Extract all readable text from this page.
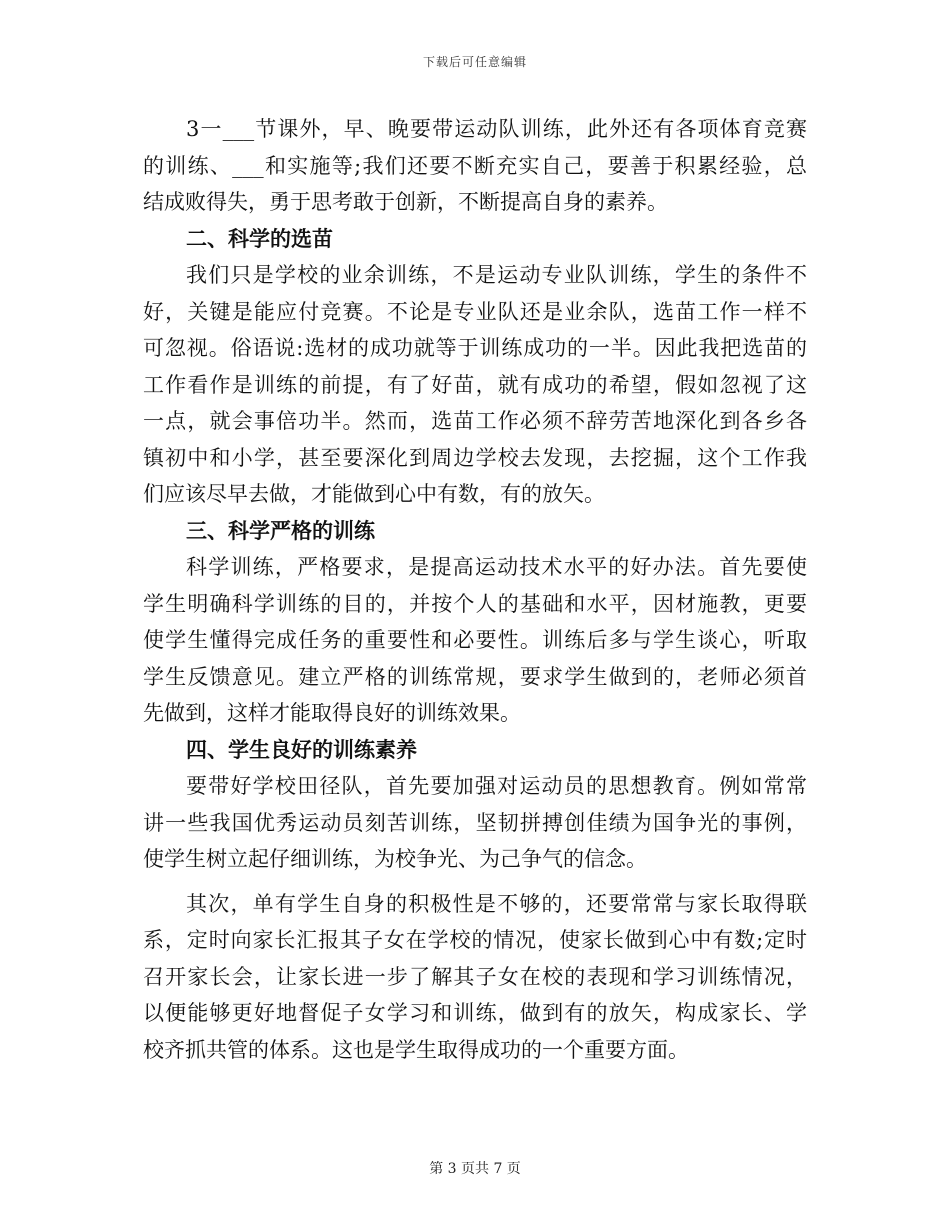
下载后可任意编辑
3一___节课外，早、晚要带运动队训练，此外还有各项体育竞赛
的训练、___和实施等;我们还要不断充实自己，要善于积累经验，总
结成败得失，勇于思考敢于创新，不断提高自身的素养。
二、科学的选苗
我们只是学校的业余训练，不是运动专业队训练，学生的条件不
好，关键是能应付竞赛。不论是专业队还是业余队，选苗工作一样不
可忽视。俗语说:选材的成功就等于训练成功的一半。因此我把选苗的
工作看作是训练的前提，有了好苗，就有成功的希望，假如忽视了这
一点，就会事倍功半。然而，选苗工作必须不辞劳苦地深化到各乡各
镇初中和小学，甚至要深化到周边学校去发现，去挖掘，这个工作我
们应该尽早去做，才能做到心中有数，有的放矢。
三、科学严格的训练
科学训练，严格要求，是提高运动技术水平的好办法。首先要使
学生明确科学训练的目的，并按个人的基础和水平，因材施教，更要
使学生懂得完成任务的重要性和必要性。训练后多与学生谈心，听取
学生反馈意见。建立严格的训练常规，要求学生做到的，老师必须首
先做到，这样才能取得良好的训练效果。
四、学生良好的训练素养
要带好学校田径队，首先要加强对运动员的思想教育。例如常常
讲一些我国优秀运动员刻苦训练，坚韧拼搏创佳绩为国争光的事例，
使学生树立起仔细训练，为校争光、为己争气的信念。
其次，单有学生自身的积极性是不够的，还要常常与家长取得联
系，定时向家长汇报其子女在学校的情况，使家长做到心中有数;定时
召开家长会，让家长进一步了解其子女在校的表现和学习训练情况，
以便能够更好地督促子女学习和训练，做到有的放矢，构成家长、学
校齐抓共管的体系。这也是学生取得成功的一个重要方面。
第 3 页共 7 页
